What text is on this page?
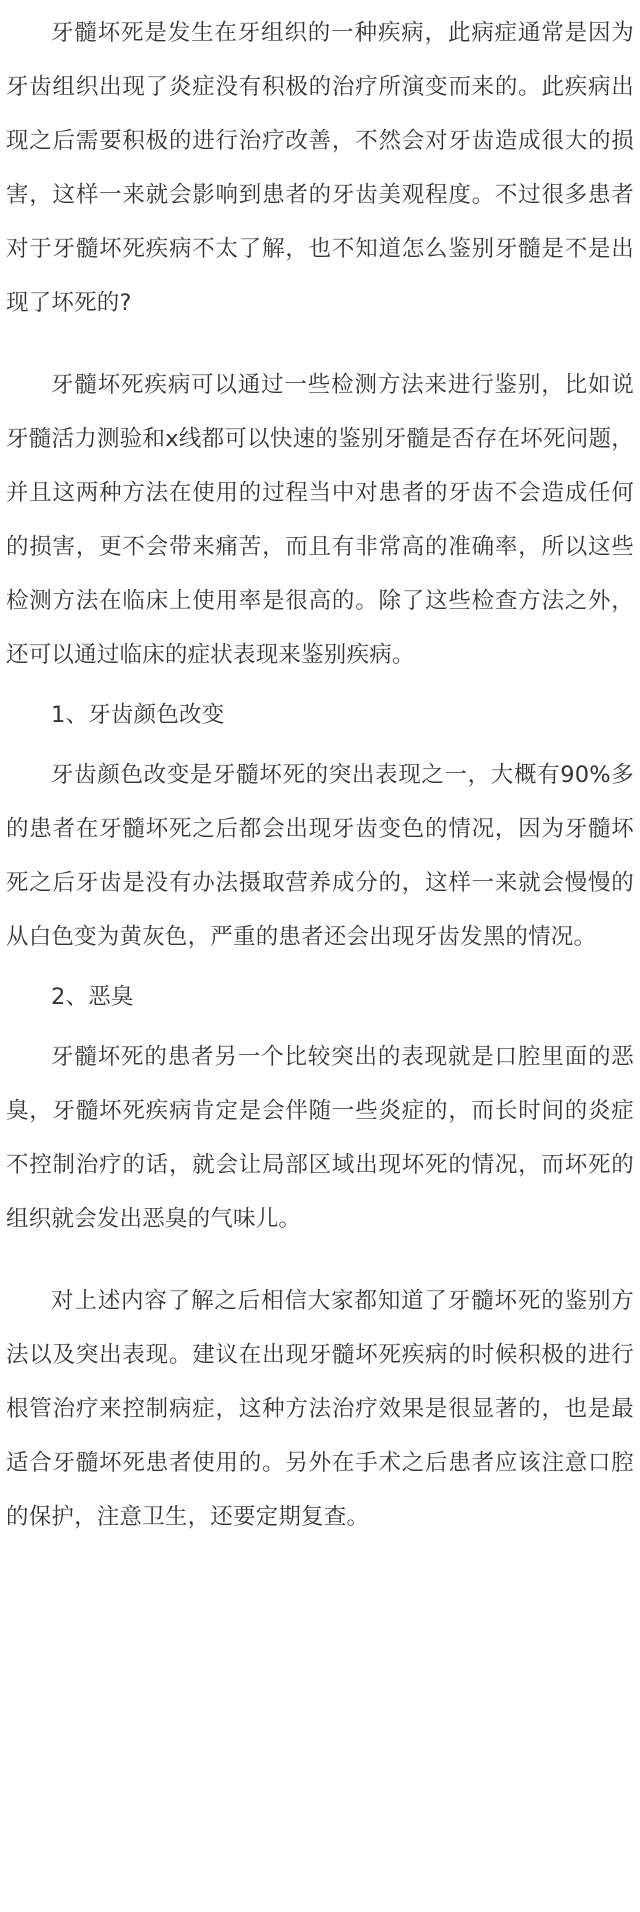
牙髓坏死是发生在牙组织的一种疾病，此病症通常是因为牙齿组织出现了炎症没有积极的治疗所演变而来的。此疾病出现之后需要积极的进行治疗改善，不然会对牙齿造成很大的损害，这样一来就会影响到患者的牙齿美观程度。不过很多患者对于牙髓坏死疾病不太了解，也不知道怎么鉴别牙髓是不是出现了坏死的?

牙髓坏死疾病可以通过一些检测方法来进行鉴别，比如说牙髓活力测验和x线都可以快速的鉴别牙髓是否存在坏死问题，并且这两种方法在使用的过程当中对患者的牙齿不会造成任何的损害，更不会带来痛苦，而且有非常高的准确率，所以这些检测方法在临床上使用率是很高的。除了这些检查方法之外，还可以通过临床的症状表现来鉴别疾病。

1、牙齿颜色改变

牙齿颜色改变是牙髓坏死的突出表现之一，大概有90%多的患者在牙髓坏死之后都会出现牙齿变色的情况，因为牙髓坏死之后牙齿是没有办法摄取营养成分的，这样一来就会慢慢的从白色变为黄灰色，严重的患者还会出现牙齿发黑的情况。

2、恶臭

牙髓坏死的患者另一个比较突出的表现就是口腔里面的恶臭，牙髓坏死疾病肯定是会伴随一些炎症的，而长时间的炎症不控制治疗的话，就会让局部区域出现坏死的情况，而坏死的组织就会发出恶臭的气味儿。

对上述内容了解之后相信大家都知道了牙髓坏死的鉴别方法以及突出表现。建议在出现牙髓坏死疾病的时候积极的进行根管治疗来控制病症，这种方法治疗效果是很显著的，也是最适合牙髓坏死患者使用的。另外在手术之后患者应该注意口腔的保护，注意卫生，还要定期复查。
